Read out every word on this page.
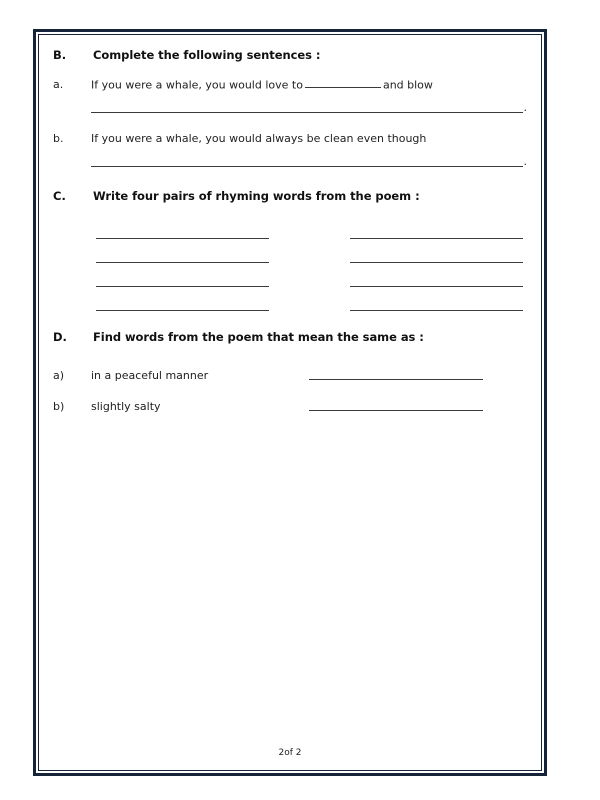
B.	Complete the following sentences :
a.	If you were a whale, you would love to	and blow
.
b.	If you were a whale, you would always be clean even though
.
C.	Write four pairs of rhyming words from the poem :
D.	Find words from the poem that mean the same as :
a)	in a peaceful manner
b)	slightly salty
2of 2
